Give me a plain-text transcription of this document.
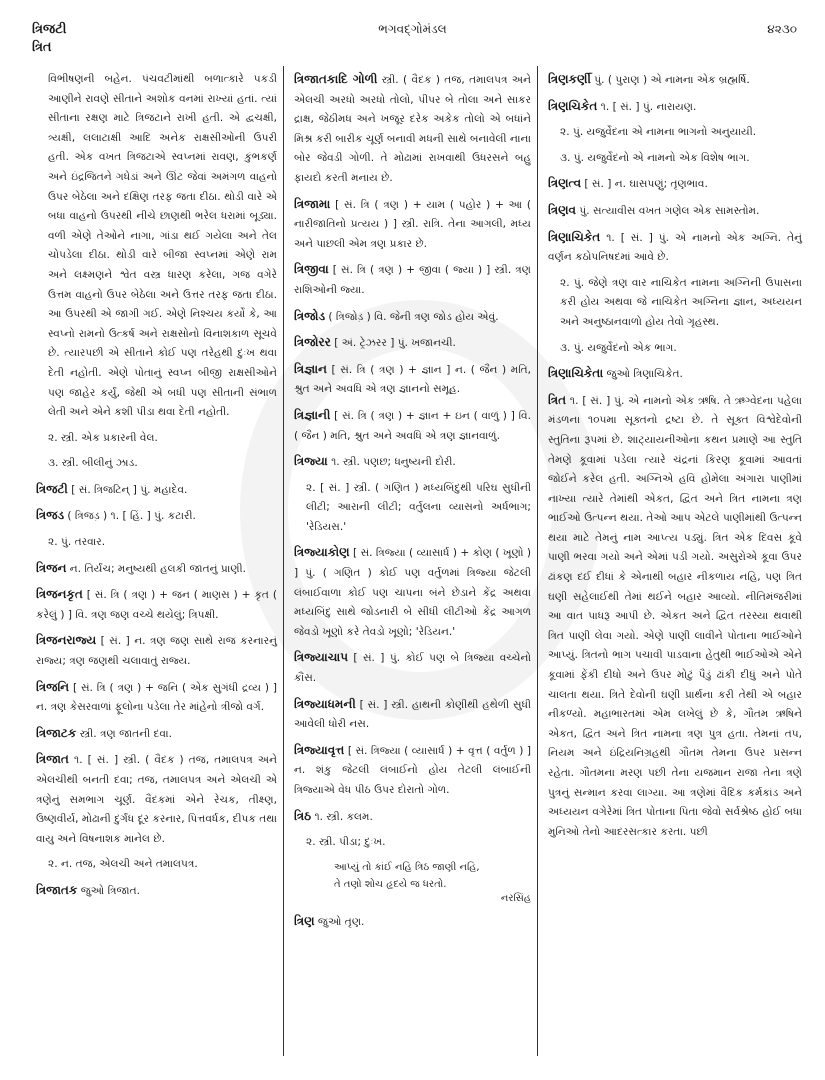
ત્રિજટી
ત્રિત
ભગવદ્ગોમંડલ	૪૨૩૦

વિભીષણની બહેન. પંચવટીમાંથી બળાત્કારે પકડી આણીને રાવણે સીતાને અશોક વનમાં રાખ્યાં હતાં. ત્યાં સીતાના રક્ષણ માટે ત્રિજટાને રાખી હતી. એ દ્વચક્ષી, ત્ર્યક્ષી, લલાટાક્ષી આદિ અનેક રાક્ષસીઓની ઉપરી હતી. એક વખત ત્રિજટાએ સ્વપ્નમાં રાવણ, કુંભકર્ણ અને ઇંદ્રજિતને ગધેડાં અને ઊંટ જેવાં અમંગળ વાહનો ઉપર બેઠેલા અને દક્ષિણ તરફ જતા દીઠા. થોડી વારે એ બધા વાહનો ઉપરથી નીચે છાણથી ભરેલ ધરામાં બૂડ્યા. વળી એણે તેઓને નાગા, ગાંડા થઈ ગયેલા અને તેલ ચોપડેલા દીઠા. થોડી વારે બીજા સ્વપ્નમાં એણે રામ અને લક્ષ્મણને શ્વેત વસ્ત્ર ધારણ કરેલા, ગજ વગેરે ઉત્તમ વાહનો ઉપર બેઠેલા અને ઉત્તર તરફ જતા દીઠા. આ ઉપરથી એ જાગી ગઈ. એણે નિશ્ચય કર્યો કે, આ સ્વપ્નો રામનો ઉત્કર્ષ અને રાક્ષસોનો વિનાશકાળ સૂચવે છે. ત્યારપછી એ સીતાને કોઈ પણ તરેહથી દુઃખ થવા દેતી નહોતી. એણે પોતાનું સ્વપ્ન બીજી રાક્ષસીઓને પણ જાહેર કર્યું, જેથી એ બધી પણ સીતાની સંભાળ લેતી અને એને કશી પીડા થવા દેતી નહોતી.

૨. સ્ત્રી. એક પ્રકારની વેલ.

૩. સ્ત્રી. બીલીનું ઝાડ.

ત્રિજટી [ સં. ત્રિજટિન્ ] પું. મહાદેવ.

ત્રિજડ ( ત્રિજડ઼ ) ૧. [ હિં. ] પું. કટારી.

૨. પું. તરવાર.

ત્રિજન ન. તિર્યંચ; મનુષ્યથી હલકી જાતનું પ્રાણી.

ત્રિજનકૃત [ સં. ત્રિ ( ત્રણ ) + જન ( માણસ ) + કૃત ( કરેલું ) ] વિ. ત્રણ જણ વચ્ચે થયેલું; ત્રિપક્ષી.

ત્રિજનરાજ્ય [ સં. ] ન. ત્રણ જણ સાથે રાજ કરનારનું રાજ્ય; ત્રણ જણથી ચલાવાતું રાજ્ય.

ત્રિજનિ [ સં. ત્રિ ( ત્રણ ) + જનિ ( એક સુગંધી દ્રવ્ય ) ] ન. ત્રણ કેસરવાળાં ફૂલોના પડેલા તેર માંહેનો ત્રીજો વર્ગ.

ત્રિજાટક સ્ત્રી. ત્રણ જાતની દવા.

ત્રિજાત ૧. [ સં. ] સ્ત્રી. ( વૈદક ) તજ, તમાલપત્ર અને એલચીથી બનતી દવા; તજ, તમાલપત્ર અને એલચી એ ત્રણેનું સમભાગ ચૂર્ણ. વૈદકમાં એને રેચક, તીક્ષ્ણ, ઉષ્ણવીર્ય, મોઢાની દુર્ગંધ દૂર કરનાર, પિત્તવર્ધક, દીપક તથા વાયુ અને વિષનાશક માનેલ છે.

૨. ન. તજ, એલચી અને તમાલપત્ર.

ત્રિજાતક જુઓ ત્રિજાત.

ત્રિજાતકાદિ ગોળી સ્ત્રી. ( વૈદક ) તજ, તમાલપત્ર અને એલચી અરધો અરધો તોલો, પીપર બે તોલા અને સાકર દ્રાક્ષ, જેઠીમધ અને ખજૂર દરેક અકેક તોલો એ બધાંને મિશ્ર કરી બારીક ચૂર્ણ બનાવી મધની સાથે બનાવેલી નાના બોર જેવડી ગોળી. તે મોઢામાં રાખવાથી ઉધરસને બહુ ફાયદો કરતી મનાય છે.

ત્રિજામા [ સં. ત્રિ ( ત્રણ ) + યામ ( પહોર ) + આ ( નારીજાતિનો પ્રત્યય ) ] સ્ત્રી. રાત્રિ. તેના આગલી, મધ્ય અને પાછલી એમ ત્રણ પ્રકાર છે.

ત્રિજીવા [ સં. ત્રિ ( ત્રણ ) + જીવા ( જ્યા ) ] સ્ત્રી. ત્રણ રાશિઓની જ્યા.

ત્રિજોડ ( ત્રિજોડ઼ ) વિ. જેની ત્રણ જોડ હોય એવું.

ત્રિજોરર [ અં. ટ્રેઝરર ] પું. ખજાનચી.

ત્રિજ્ઞાન [ સં. ત્રિ ( ત્રણ ) + જ્ઞાન ] ન. ( જૈન ) મતિ, શ્રુત અને અવધિ એ ત્રણ જ્ઞાનનો સમૂહ.

ત્રિજ્ઞાની [ સં. ત્રિ ( ત્રણ ) + જ્ઞાન + ઇન ( વાળું ) ] વિ. ( જૈન ) મતિ, શ્રુત અને અવધિ એ ત્રણ જ્ઞાનવાળું.

ત્રિજ્યા ૧. સ્ત્રી. પણછ; ધનુષ્યની દોરી.

૨. [ સં. ] સ્ત્રી. ( ગણિત ) મધ્યબિંદુથી પરિઘ સુધીની લીટી; આરાની લીટી; વર્તુલના વ્યાસનો અર્ધભાગ; 'રેડિયસ.'

ત્રિજ્યાકોણ [ સં. ત્રિજ્યા ( વ્યાસાર્ધ ) + કોણ ( ખૂણો ) ] પું. ( ગણિત ) કોઈ પણ વર્તુળમાં ત્રિજ્યા જેટલી લંબાઈવાળા કોઈ પણ ચાપના બંને છેડાને કેંદ્ર અથવા મધ્યબિંદુ સાથે જોડનારી બે સીધી લીટીઓ કેંદ્ર આગળ જેવડો ખૂણો કરે તેવડો ખૂણો; 'રેડિયન.'

ત્રિજ્યાચાપ [ સં. ] પું. કોઈ પણ બે ત્રિજ્યા વચ્ચેનો કૌંસ.

ત્રિજ્યાધમની [ સં. ] સ્ત્રી. હાથની કોણીથી હથેળી સુધી આવેલી ધોરી નસ.

ત્રિજ્યાવૃત્ત [ સં. ત્રિજ્યા ( વ્યાસાર્ધ ) + વૃત્ત ( વર્તુળ ) ] ન. શંકુ જેટલી લંબાઈનો હોય તેટલી લંબાઈની ત્રિજ્યાએ વેધ પીઠ ઉપર દોરાતો ગોળ.

ત્રિઠ ૧. સ્ત્રી. કલમ.

૨. સ્ત્રી. પીડા; દુઃખ.

આપ્યું તો કાંઈ નહિ ત્રિઠ જાણી નહિ,
તે તણો શોચ હૃદયે જ ધરતો.
નરસિંહ

ત્રિણ જુઓ તૃણ.

ત્રિણકર્ણી પું. ( પુરાણ ) એ નામના એક બ્રહ્મર્ષિ.

ત્રિણચિકેત ૧. [ સં. ] પું. નારાયણ.

૨. પું. યજુર્વેદના એ નામના ભાગનો અનુયાયી.

૩. પું. યજુર્વેદનો એ નામનો એક વિશેષ ભાગ.

ત્રિણત્વ [ સં. ] ન. ઘાસપણું; તૃણભાવ.

ત્રિણવ પું. સત્યાવીસ વખત ગણેલ એક સામસ્તોમ.

ત્રિણાચિકેત ૧. [ સં. ] પું. એ નામનો એક અગ્નિ. તેનું વર્ણન કઠોપનિષદમાં આવે છે.

૨. પું. જેણે ત્રણ વાર નાચિકેત નામના અગ્નિની ઉપાસના કરી હોય અથવા જે નાચિકેત અગ્નિના જ્ઞાન, અધ્યયન અને અનુષ્ઠાનવાળો હોય તેવો ગૃહસ્થ.

૩. પું. યજુર્વેદનો એક ભાગ.

ત્રિણાચિકેતા જુઓ ત્રિણાચિકેત.

ત્રિત ૧. [ સં. ] પું. એ નામનો એક ઋષિ. તે ઋગ્વેદના પહેલા મંડળના ૧૦૫મા સૂક્તનો દ્રષ્ટા છે. તે સૂક્ત વિશ્વેદેવોની સ્તુતિના રૂપમાં છે. શાટ્યાયનીઓના કથન પ્રમાણે આ સ્તુતિ તેમણે કૂવામાં પડેલા ત્યારે ચંદ્રનાં કિરણ કૂવામાં આવતાં જોઈને કરેલ હતી. અગ્નિએ હવિ હોમેલા અંગારા પાણીમાં નાખ્યા ત્યારે તેમાંથી એકત, દ્વિત અને ત્રિત નામના ત્રણ ભાઈઓ ઉત્પન્ન થયા. તેઓ આપ એટલે પાણીમાંથી ઉત્પન્ન થયા માટે તેમનું નામ આપ્ત્ય પડ્યું. ત્રિત એક દિવસ કૂવે પાણી ભરવા ગયો અને એમાં પડી ગયો. અસુરોએ કૂવા ઉપર ઢાંકણ દઈ દીધાં કે એનાથી બહાર નીકળાય નહિ, પણ ત્રિત ઘણી સહેલાઈથી તેમાં થઈને બહાર આવ્યો. નીતિમંજરીમાં આ વાત પાધરૂ આપી છે. એકત અને દ્વિત તરસ્યા થવાથી ત્રિત પાણી લેવા ગયો. એણે પાણી લાવીને પોતાના ભાઈઓને આપ્યું. ત્રિતનો ભાગ પચાવી પાડવાના હેતુથી ભાઈઓએ એને કૂવામાં ફેંકી દીધો અને ઉપર મોટું પૈડું ઢાંકી દીધું અને પોતે ચાલતા થયા. ત્રિતે દેવોની ઘણી પ્રાર્થના કરી તેથી એ બહાર નીકળ્યો. મહાભારતમાં એમ લખેલું છે કે, ગૌતમ ઋષિને એકત, દ્વિત અને ત્રિત નામના ત્રણ પુત્ર હતા. તેમનાં તપ, નિયમ અને ઇંદ્રિયનિગ્રહથી ગૌતમ તેમના ઉપર પ્રસન્ન રહેતા. ગૌતમના મરણ પછી તેના યજમાન રાજા તેના ત્રણે પુત્રનું સન્માન કરવા લાગ્યા. આ ત્રણેમાં વૈદિક કર્મકાંડ અને અધ્યયન વગેરેમાં ત્રિત પોતાના પિતા જેવો સર્વશ્રેષ્ઠ હોઈ બધા મુનિઓ તેનો આદરસત્કાર કરતા. પછી
